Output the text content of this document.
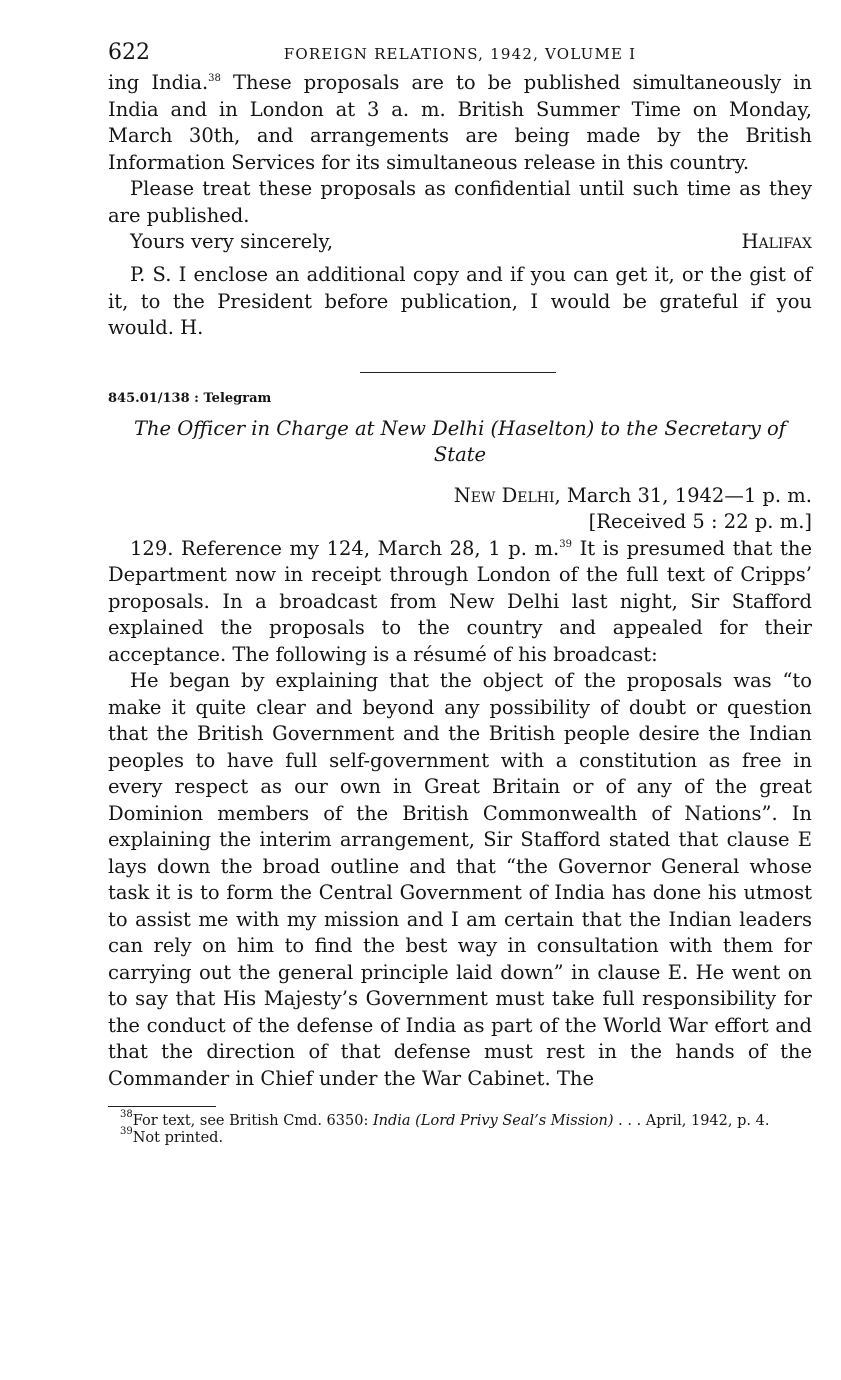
622	FOREIGN RELATIONS, 1942, VOLUME I

ing India.$^{38}$ These proposals are to be published simultaneously in India and in London at 3 a. m. British Summer Time on Monday, March 30th, and arrangements are being made by the British Information Services for its simultaneous release in this country.

Please treat these proposals as confidential until such time as they are published.

Yours very sincerely,	Halifax

P. S. I enclose an additional copy and if you can get it, or the gist of it, to the President before publication, I would be grateful if you would. H.

845.01/138 : Telegram
The Officer in Charge at New Delhi (Haselton) to the Secretary of State
New Delhi, March 31, 1942—1 p. m.
[Received 5 : 22 p. m.]

129. Reference my 124, March 28, 1 p. m.$^{39}$ It is presumed that the Department now in receipt through London of the full text of Cripps’ proposals. In a broadcast from New Delhi last night, Sir Stafford explained the proposals to the country and appealed for their acceptance. The following is a résumé of his broadcast:

He began by explaining that the object of the proposals was “to make it quite clear and beyond any possibility of doubt or question that the British Government and the British people desire the Indian peoples to have full self-government with a constitution as free in every respect as our own in Great Britain or of any of the great Dominion members of the British Commonwealth of Nations”. In explaining the interim arrangement, Sir Stafford stated that clause E lays down the broad outline and that “the Governor General whose task it is to form the Central Government of India has done his utmost to assist me with my mission and I am certain that the Indian leaders can rely on him to find the best way in consultation with them for carrying out the general principle laid down” in clause E. He went on to say that His Majesty’s Government must take full responsibility for the conduct of the defense of India as part of the World War effort and that the direction of that defense must rest in the hands of the Commander in Chief under the War Cabinet. The

$^{38}$For text, see British Cmd. 6350: India (Lord Privy Seal’s Mission) . . . April, 1942, p. 4.
$^{39}$Not printed.
